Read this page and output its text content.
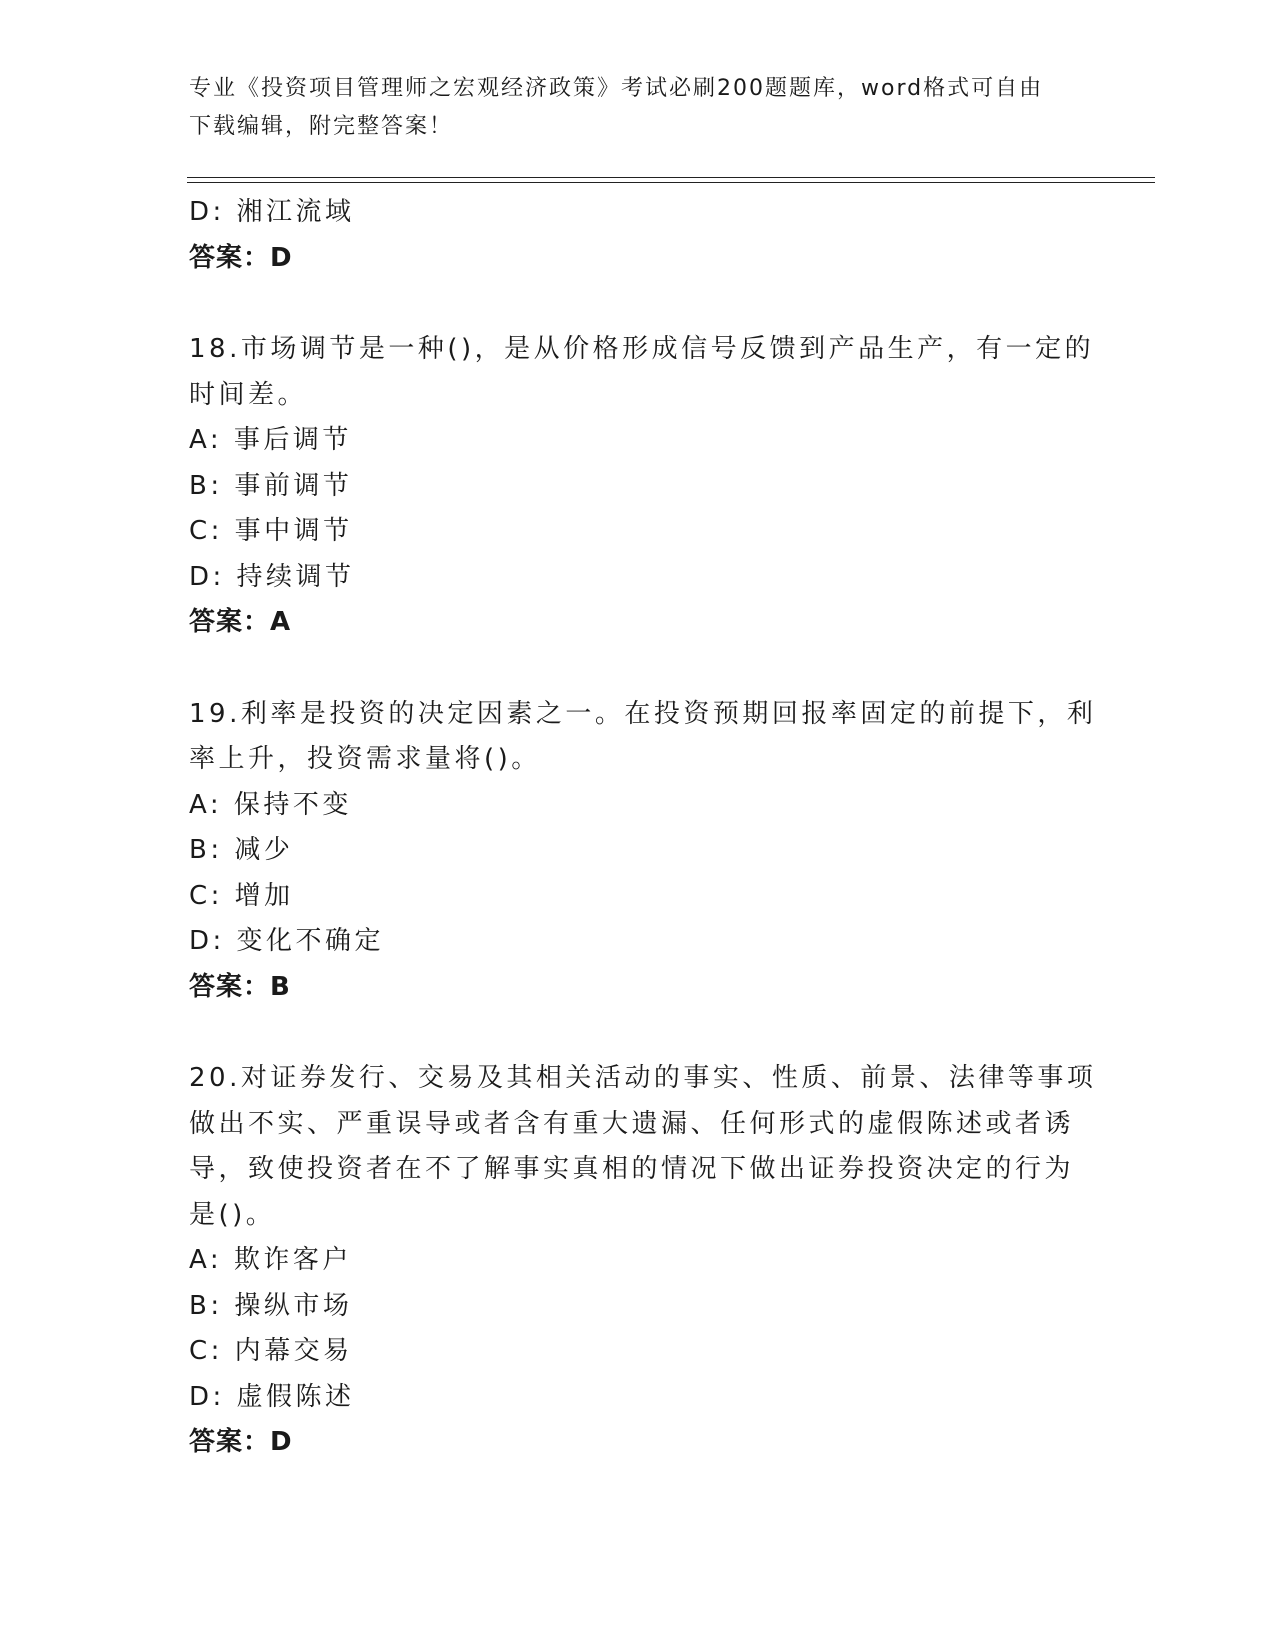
专业《投资项目管理师之宏观经济政策》考试必刷200题题库，word格式可自由
下载编辑，附完整答案！
D: 湘江流域
答案：D
18.市场调节是一种()，是从价格形成信号反馈到产品生产，有一定的
时间差。
A: 事后调节
B: 事前调节
C: 事中调节
D: 持续调节
答案：A
19.利率是投资的决定因素之一。在投资预期回报率固定的前提下，利
率上升，投资需求量将()。
A: 保持不变
B: 减少
C: 增加
D: 变化不确定
答案：B
20.对证券发行、交易及其相关活动的事实、性质、前景、法律等事项
做出不实、严重误导或者含有重大遗漏、任何形式的虚假陈述或者诱
导，致使投资者在不了解事实真相的情况下做出证券投资决定的行为
是()。
A: 欺诈客户
B: 操纵市场
C: 内幕交易
D: 虚假陈述
答案：D
